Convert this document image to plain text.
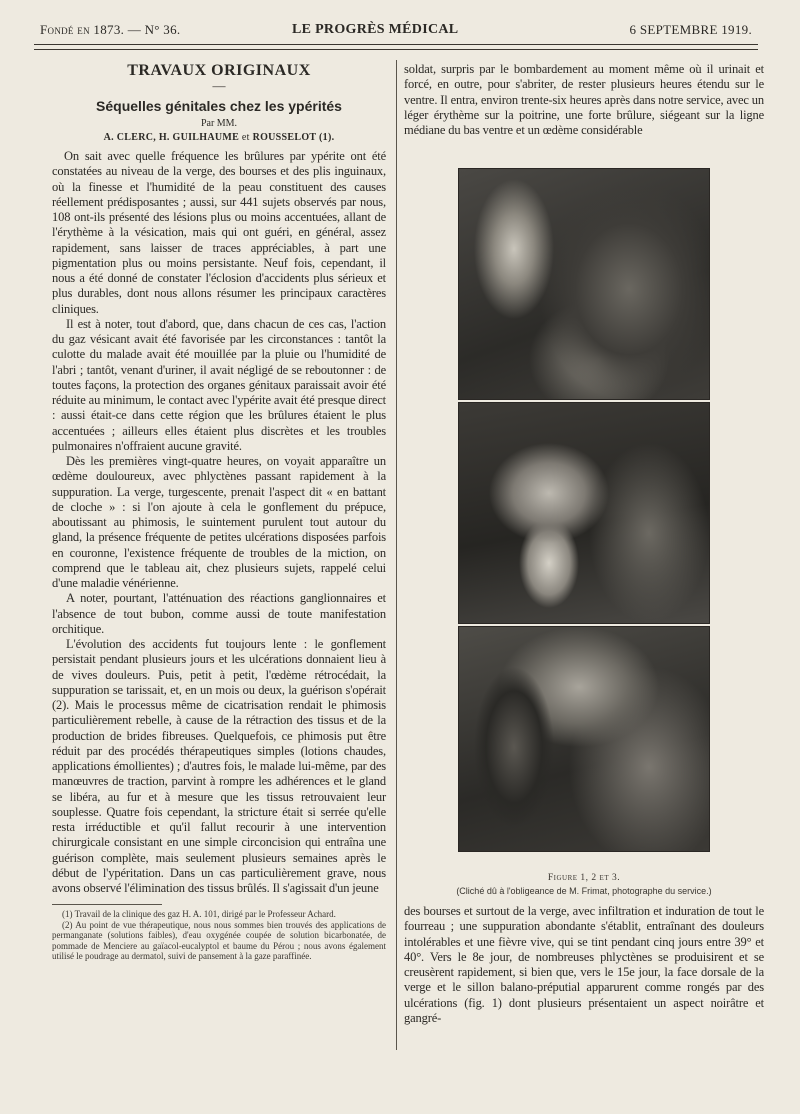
Fondé en 1873. — N° 36.	LE PROGRÈS MÉDICAL	6 SEPTEMBRE 1919.

TRAVAUX ORIGINAUX

—

Séquelles génitales chez les ypérités

Par MM.

A. CLERC, H. GUILHAUME et ROUSSELOT (1).

On sait avec quelle fréquence les brûlures par ypérite ont été constatées au niveau de la verge, des bourses et des plis inguinaux, où la finesse et l'humidité de la peau constituent des causes réellement prédisposantes ; aussi, sur 441 sujets observés par nous, 108 ont-ils présenté des lésions plus ou moins accentuées, allant de l'érythème à la vésication, mais qui ont guéri, en général, assez rapidement, sans laisser de traces appréciables, à part une pigmentation plus ou moins persistante. Neuf fois, cependant, il nous a été donné de constater l'éclosion d'accidents plus sérieux et plus durables, dont nous allons résumer les principaux caractères cliniques.

Il est à noter, tout d'abord, que, dans chacun de ces cas, l'action du gaz vésicant avait été favorisée par les circonstances : tantôt la culotte du malade avait été mouillée par la pluie ou l'humidité de l'abri ; tantôt, venant d'uriner, il avait négligé de se reboutonner : de toutes façons, la protection des organes génitaux paraissait avoir été réduite au minimum, le contact avec l'ypérite avait été presque direct : aussi était-ce dans cette région que les brûlures étaient le plus accentuées ; ailleurs elles étaient plus discrètes et les troubles pulmonaires n'offraient aucune gravité.

Dès les premières vingt-quatre heures, on voyait apparaître un œdème douloureux, avec phlyctènes passant rapidement à la suppuration. La verge, turgescente, prenait l'aspect dit « en battant de cloche » : si l'on ajoute à cela le gonflement du prépuce, aboutissant au phimosis, le suintement purulent tout autour du gland, la présence fréquente de petites ulcérations disposées parfois en couronne, l'existence fréquente de troubles de la miction, on comprend que le tableau ait, chez plusieurs sujets, rappelé celui d'une maladie vénérienne.

A noter, pourtant, l'atténuation des réactions ganglionnaires et l'absence de tout bubon, comme aussi de toute manifestation orchitique.

L'évolution des accidents fut toujours lente : le gonflement persistait pendant plusieurs jours et les ulcérations donnaient lieu à de vives douleurs. Puis, petit à petit, l'œdème rétrocédait, la suppuration se tarissait, et, en un mois ou deux, la guérison s'opérait (2). Mais le processus même de cicatrisation rendait le phimosis particulièrement rebelle, à cause de la rétraction des tissus et de la production de brides fibreuses. Quelquefois, ce phimosis put être réduit par des procédés thérapeutiques simples (lotions chaudes, applications émollientes) ; d'autres fois, le malade lui-même, par des manœuvres de traction, parvint à rompre les adhérences et le gland se libéra, au fur et à mesure que les tissus retrouvaient leur souplesse. Quatre fois cependant, la stricture était si serrée qu'elle resta irréductible et qu'il fallut recourir à une intervention chirurgicale consistant en une simple circoncision qui entraîna une guérison complète, mais seulement plusieurs semaines après le début de l'ypéritation. Dans un cas particulièrement grave, nous avons observé l'élimination des tissus brûlés. Il s'agissait d'un jeune

(1) Travail de la clinique des gaz H. A. 101, dirigé par le Professeur Achard.

(2) Au point de vue thérapeutique, nous nous sommes bien trouvés des applications de permanganate (solutions faibles), d'eau oxygénée coupée de solution bicarbonatée, de pommade de Menciere au gaïacol-eucalyptol et baume du Pérou ; nous avons également utilisé le poudrage au dermatol, suivi de pansement à la gaze paraffinée.

soldat, surpris par le bombardement au moment même où il urinait et forcé, en outre, pour s'abriter, de rester plusieurs heures étendu sur le ventre. Il entra, environ trente-six heures après dans notre service, avec un léger érythème sur la poitrine, une forte brûlure, siégeant sur la ligne médiane du bas ventre et un œdème considérable

Figure 1, 2 et 3.

(Cliché dû à l'obligeance de M. Frimat, photographe du service.)

des bourses et surtout de la verge, avec infiltration et induration de tout le fourreau ; une suppuration abondante s'établit, entraînant des douleurs intolérables et une fièvre vive, qui se tint pendant cinq jours entre 39° et 40°. Vers le 8e jour, de nombreuses phlyctènes se produisirent et se creusèrent rapidement, si bien que, vers le 15e jour, la face dorsale de la verge et le sillon balano-préputial apparurent comme rongés par des ulcérations (fig. 1) dont plusieurs présentaient un aspect noirâtre et gangré-
